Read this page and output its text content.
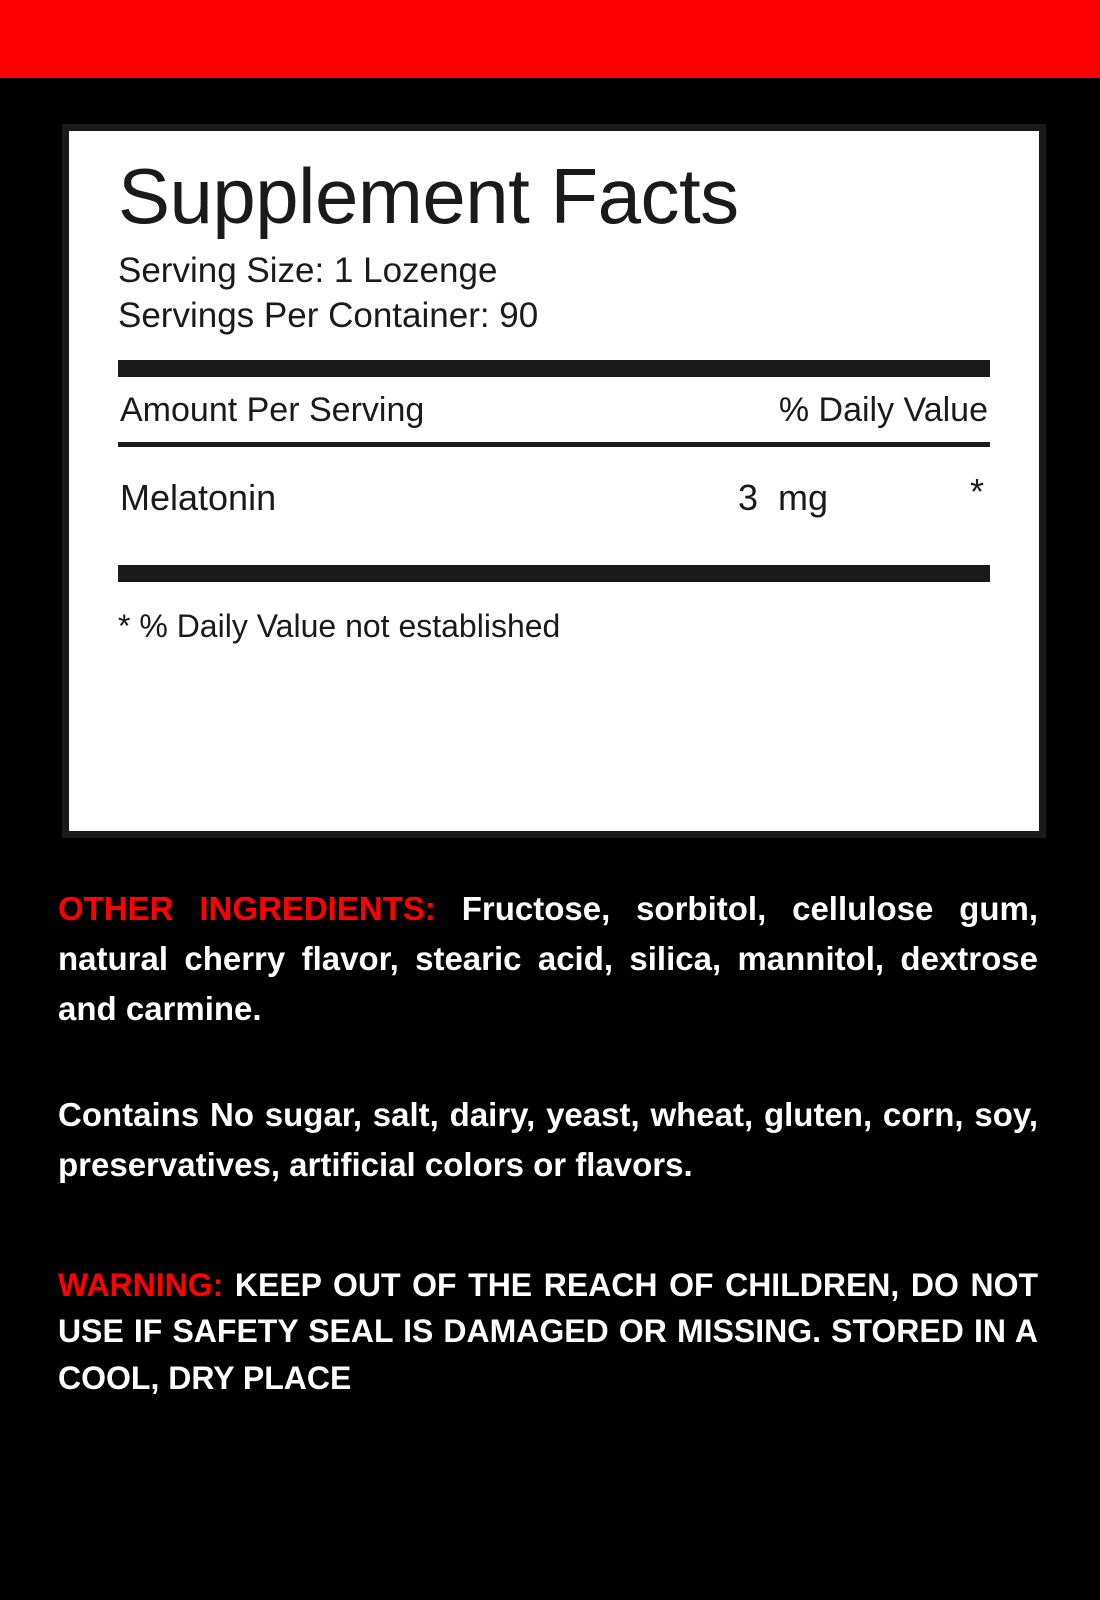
Supplement Facts
Serving Size: 1 Lozenge
Servings Per Container: 90
Amount Per Serving	% Daily Value
Melatonin	3  mg	*
* % Daily Value not established
OTHER INGREDIENTS: Fructose, sorbitol, cellulose gum, natural cherry flavor, stearic acid, silica, mannitol, dextrose and carmine.
Contains No sugar, salt, dairy, yeast, wheat, gluten, corn, soy, preservatives, artificial colors or flavors.
WARNING: KEEP OUT OF THE REACH OF CHILDREN, DO NOT USE IF SAFETY SEAL IS DAMAGED OR MISSING. STORED IN A COOL, DRY PLACE
